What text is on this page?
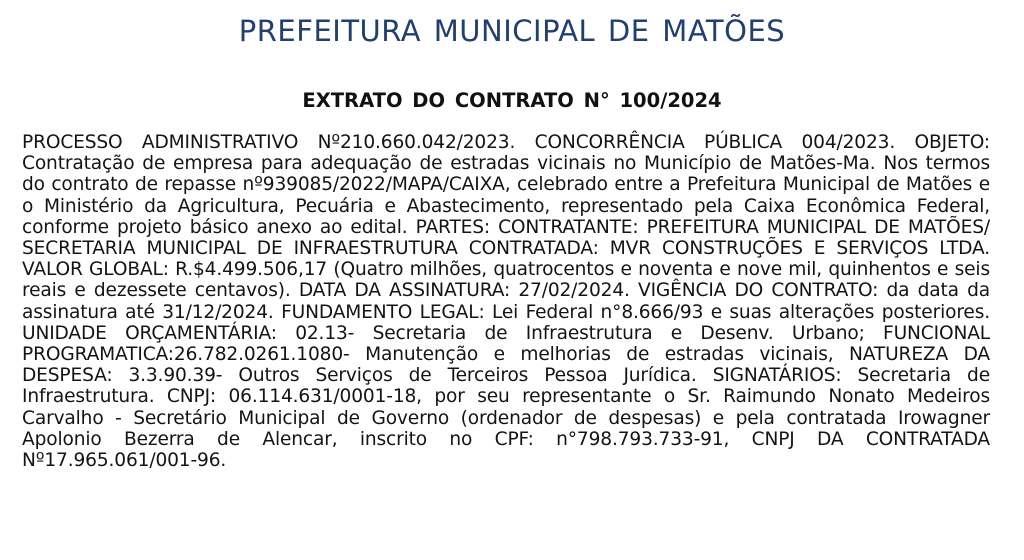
PREFEITURA MUNICIPAL DE MATÕES
EXTRATO DO CONTRATO N° 100/2024
PROCESSO ADMINISTRATIVO Nº210.660.042/2023. CONCORRÊNCIA PÚBLICA 004/2023. OBJETO: Contratação de empresa para adequação de estradas vicinais no Município de Matões-Ma. Nos termos do contrato de repasse nº939085/2022/MAPA/CAIXA, celebrado entre a Prefeitura Municipal de Matões e o Ministério da Agricultura, Pecuária e Abastecimento, representado pela Caixa Econômica Federal, conforme projeto básico anexo ao edital. PARTES: CONTRATANTE: PREFEITURA MUNICIPAL DE MATÕES/ SECRETARIA MUNICIPAL DE INFRAESTRUTURA CONTRATADA: MVR CONSTRUÇÕES E SERVIÇOS LTDA. VALOR GLOBAL: R.$4.499.506,17 (Quatro milhões, quatrocentos e noventa e nove mil, quinhentos e seis reais e dezessete centavos). DATA DA ASSINATURA: 27/02/2024. VIGÊNCIA DO CONTRATO: da data da assinatura até 31/12/2024. FUNDAMENTO LEGAL: Lei Federal n°8.666/93 e suas alterações posteriores. UNIDADE ORÇAMENTÁRIA: 02.13- Secretaria de Infraestrutura e Desenv. Urbano; FUNCIONAL PROGRAMATICA:26.782.0261.1080- Manutenção e melhorias de estradas vicinais, NATUREZA DA DESPESA: 3.3.90.39- Outros Serviços de Terceiros Pessoa Jurídica. SIGNATÁRIOS: Secretaria de Infraestrutura. CNPJ: 06.114.631/0001-18, por seu representante o Sr. Raimundo Nonato Medeiros Carvalho - Secretário Municipal de Governo (ordenador de despesas) e pela contratada Irowagner Apolonio Bezerra de Alencar, inscrito no CPF: n°798.793.733-91, CNPJ DA CONTRATADA Nº17.965.061/001-96.
